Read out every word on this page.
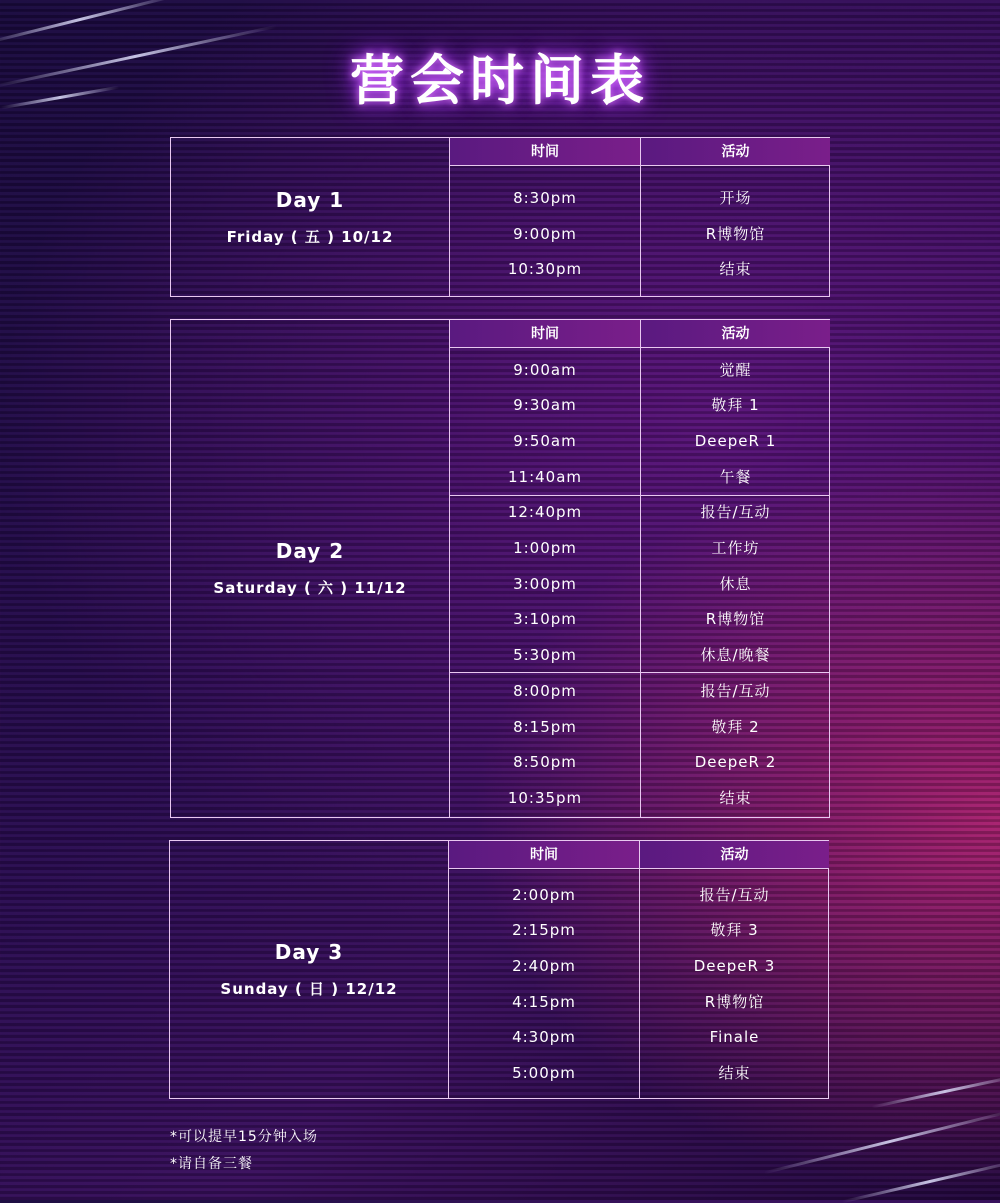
营会时间表
Day 1
Friday ( 五 ) 10/12
时间
8:30pm
9:00pm
10:30pm
活动
开场
R博物馆
结束
Day 2
Saturday ( 六 ) 11/12
时间
9:00am
9:30am
9:50am
11:40am
12:40pm
1:00pm
3:00pm
3:10pm
5:30pm
8:00pm
8:15pm
8:50pm
10:35pm
活动
觉醒
敬拜 1
DeepeR 1
午餐
报告/互动
工作坊
休息
R博物馆
休息/晚餐
报告/互动
敬拜 2
DeepeR 2
结束
Day 3
Sunday ( 日 ) 12/12
时间
2:00pm
2:15pm
2:40pm
4:15pm
4:30pm
5:00pm
活动
报告/互动
敬拜 3
DeepeR 3
R博物馆
Finale
结束
*可以提早15分钟入场
*请自备三餐
